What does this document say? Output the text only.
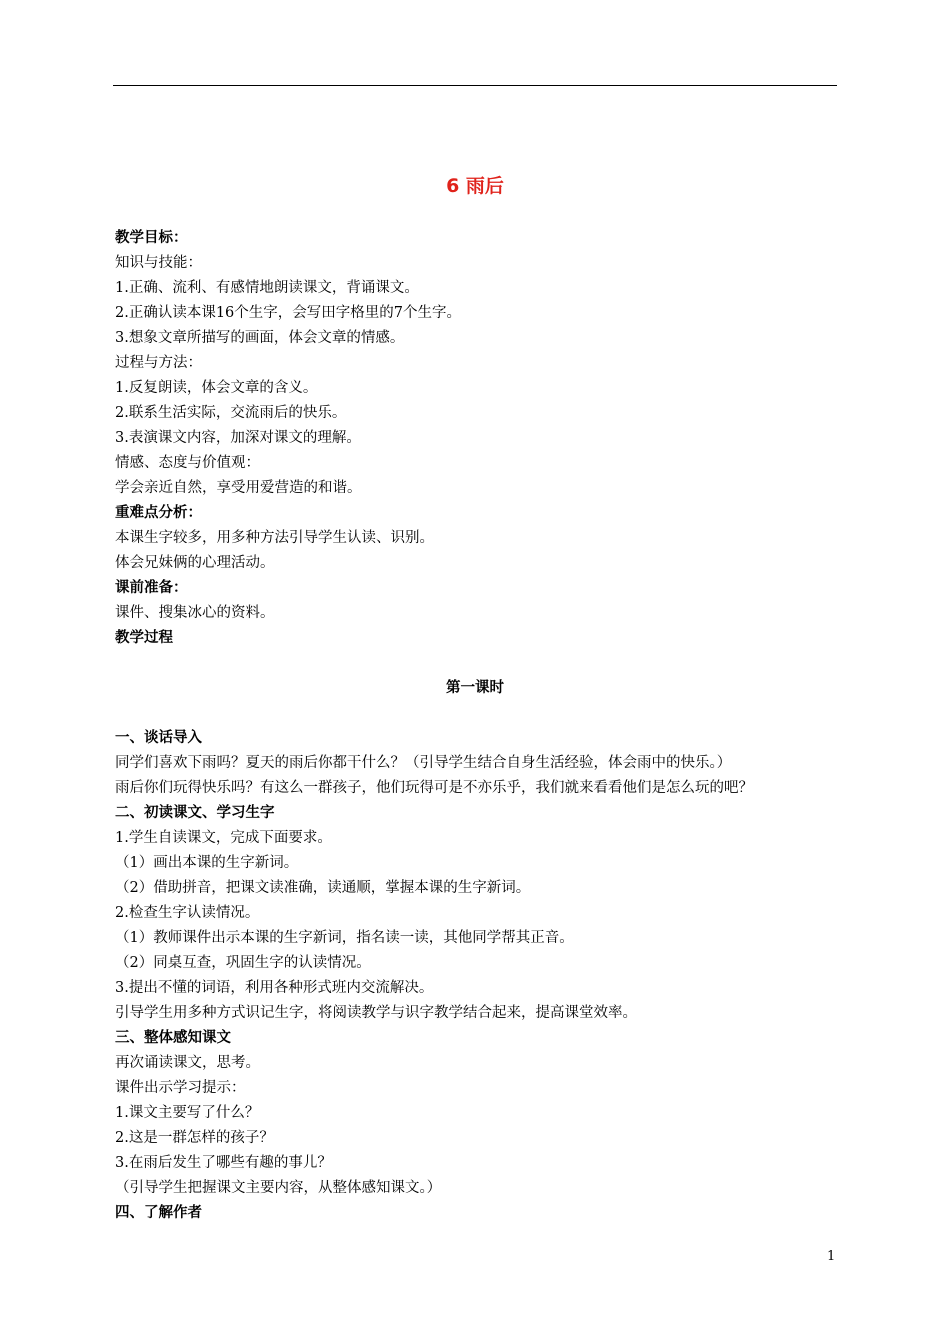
6 雨后
教学目标：
知识与技能：
1.正确、流利、有感情地朗读课文，背诵课文。
2.正确认读本课16个生字，会写田字格里的7个生字。
3.想象文章所描写的画面，体会文章的情感。
过程与方法：
1.反复朗读，体会文章的含义。
2.联系生活实际，交流雨后的快乐。
3.表演课文内容，加深对课文的理解。
情感、态度与价值观：
学会亲近自然，享受用爱营造的和谐。
重难点分析：
本课生字较多，用多种方法引导学生认读、识别。
体会兄妹俩的心理活动。
课前准备：
课件、搜集冰心的资料。
教学过程
第一课时
一、谈话导入
同学们喜欢下雨吗？夏天的雨后你都干什么？（引导学生结合自身生活经验，体会雨中的快乐。）
雨后你们玩得快乐吗？有这么一群孩子，他们玩得可是不亦乐乎，我们就来看看他们是怎么玩的吧？
二、初读课文、学习生字
1.学生自读课文，完成下面要求。
（1）画出本课的生字新词。
（2）借助拼音，把课文读准确，读通顺，掌握本课的生字新词。
2.检查生字认读情况。
（1）教师课件出示本课的生字新词，指名读一读，其他同学帮其正音。
（2）同桌互查，巩固生字的认读情况。
3.提出不懂的词语，利用各种形式班内交流解决。
引导学生用多种方式识记生字，将阅读教学与识字教学结合起来，提高课堂效率。
三、整体感知课文
再次诵读课文，思考。
课件出示学习提示：
1.课文主要写了什么？
2.这是一群怎样的孩子？
3.在雨后发生了哪些有趣的事儿？
（引导学生把握课文主要内容，从整体感知课文。）
四、了解作者
1
